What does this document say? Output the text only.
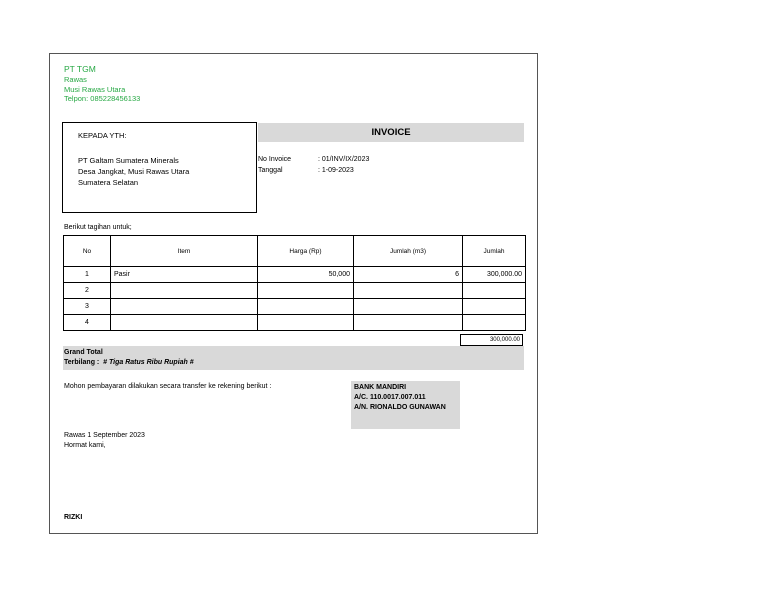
PT TGM
Rawas
Musi Rawas Utara
Telpon: 085228456133
KEPADA YTH:
PT Galtam Sumatera Minerals
Desa Jangkat, Musi Rawas Utara
Sumatera Selatan
INVOICE
No Invoice	: 01/INV/IX/2023
Tanggal	: 1-09-2023
Berikut tagihan untuk;
No	Item	Harga (Rp)	Jumlah (m3)	Jumlah
1	Pasir	50,000	6	300,000.00
2				
3				
4				
300,000.00
Grand Total
Terbilang : # Tiga Ratus Ribu Rupiah #
Mohon pembayaran dilakukan secara transfer ke rekening berikut :	BANK MANDIRI
A/C. 110.0017.007.011
A/N. RIONALDO GUNAWAN
Rawas 1 September 2023
Hormat kami,
RIZKI
